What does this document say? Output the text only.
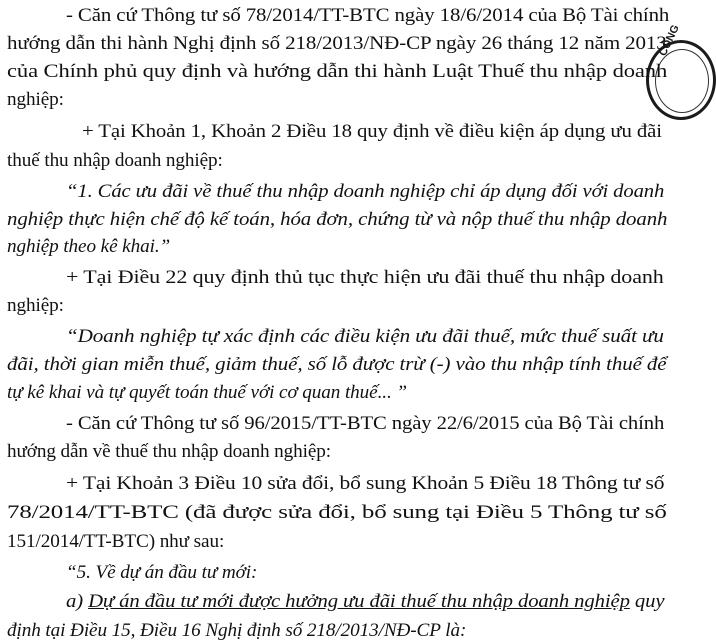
CÔNG
- Căn cứ Thông tư số 78/2014/TT-BTC ngày 18/6/2014 của Bộ Tài chính
hướng dẫn thi hành Nghị định số 218/2013/NĐ-CP ngày 26 tháng 12 năm 2013
của Chính phủ quy định và hướng dẫn thi hành Luật Thuế thu nhập doanh
nghiệp:
+ Tại Khoản 1, Khoản 2 Điều 18 quy định về điều kiện áp dụng ưu đãi
thuế thu nhập doanh nghiệp:
“1. Các ưu đãi về thuế thu nhập doanh nghiệp chỉ áp dụng đối với doanh
nghiệp thực hiện chế độ kế toán, hóa đơn, chứng từ và nộp thuế thu nhập doanh
nghiệp theo kê khai.”
+ Tại Điều 22 quy định thủ tục thực hiện ưu đãi thuế thu nhập doanh
nghiệp:
“Doanh nghiệp tự xác định các điều kiện ưu đãi thuế, mức thuế suất ưu
đãi, thời gian miễn thuế, giảm thuế, số lỗ được trừ (-) vào thu nhập tính thuế để
tự kê khai và tự quyết toán thuế với cơ quan thuế... ”
- Căn cứ Thông tư số 96/2015/TT-BTC ngày 22/6/2015 của Bộ Tài chính
hướng dẫn về thuế thu nhập doanh nghiệp:
+ Tại Khoản 3 Điều 10 sửa đổi, bổ sung Khoản 5 Điều 18 Thông tư số
78/2014/TT-BTC (đã được sửa đổi, bổ sung tại Điều 5 Thông tư số
151/2014/TT-BTC) như sau:
“5. Về dự án đầu tư mới:
định tại Điều 15, Điều 16 Nghị định số 218/2013/NĐ-CP là:
a) Dự án đầu tư mới được hưởng ưu đãi thuế thu nhập doanh nghiệp quy
